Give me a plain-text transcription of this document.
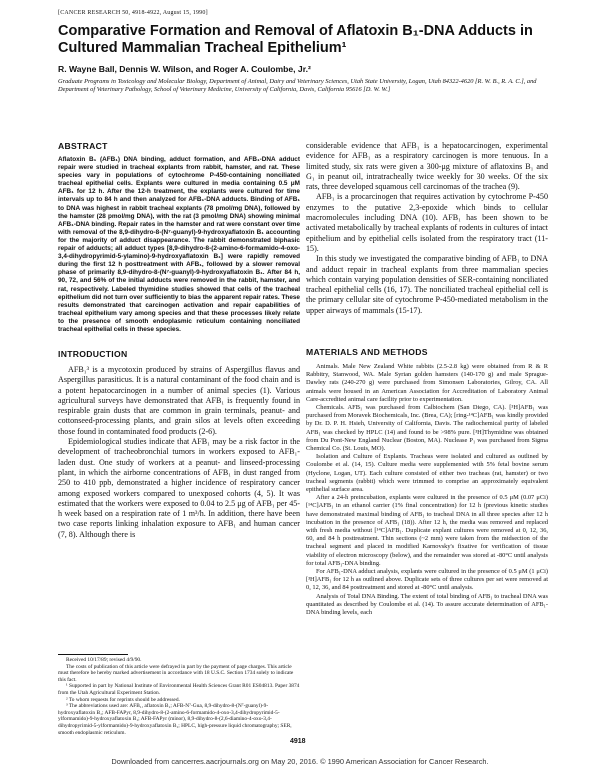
[CANCER RESEARCH 50, 4918-4922, August 15, 1990]
Comparative Formation and Removal of Aflatoxin B₁-DNA Adducts in Cultured Mammalian Tracheal Epithelium¹
R. Wayne Ball, Dennis W. Wilson, and Roger A. Coulombe, Jr.²
Graduate Programs in Toxicology and Molecular Biology, Department of Animal, Dairy and Veterinary Sciences, Utah State University, Logan, Utah 84322-4620 [R. W. B., R. A. C.], and Department of Veterinary Pathology, School of Veterinary Medicine, University of California, Davis, California 95616 [D. W. W.]
ABSTRACT
Aflatoxin B₁ (AFB₁) DNA binding, adduct formation, and AFB₁-DNA adduct repair were studied in tracheal explants from rabbit, hamster, and rat. These species vary in populations of cytochrome P-450-containing nonciliated tracheal epithelial cells. Explants were cultured in media containing 0.5 μM AFB₁ for 12 h. After the 12-h treatment, the explants were cultured for time intervals up to 84 h and then analyzed for AFB₁-DNA adducts. Binding of AFB₁ to DNA was highest in rabbit tracheal explants (78 pmol/mg DNA), followed by the hamster (28 pmol/mg DNA), with the rat (3 pmol/mg DNA) showing minimal AFB₁-DNA binding. Repair rates in the hamster and rat were constant over time with removal of the 8,9-dihydro-8-(N⁷-guanyl)-9-hydroxyaflatoxin B₁ accounting for the majority of adduct disappearance. The rabbit demonstrated biphasic repair of adducts; all adduct types [8,9-dihydro-8-(2-amino-6-formamido-4-oxo-3,4-dihydropyrimid-5-ylamino)-9-hydroxyaflatoxin B₁] were rapidly removed during the first 12 h posttreatment with AFB₁, followed by a slower removal phase of primarily 8,9-dihydro-8-(N⁷-guanyl)-9-hydroxyaflatoxin B₁. After 84 h, 90, 72, and 56% of the initial adducts were removed in the rabbit, hamster, and rat, respectively. Labeled thymidine studies showed that cells of the tracheal epithelium did not turn over sufficiently to bias the apparent repair rates. These results demonstrated that carcinogen activation and repair capabilities of tracheal epithelium vary among species and that these processes likely relate to the presence of smooth endoplasmic reticulum containing nonciliated tracheal epithelial cells in these species.
INTRODUCTION

AFB₁³ is a mycotoxin produced by strains of Aspergillus flavus and Aspergillus parasiticus. It is a natural contaminant of the food chain and is a potent hepatocarcinogen in a number of animal species (1). Various agricultural surveys have demonstrated that AFB₁ is frequently found in respirable grain dusts that are common in grain terminals, peanut- and cottonseed-processing plants, and grain silos at levels often exceeding those found in contaminated food products (2-6).

Epidemiological studies indicate that AFB₁ may be a risk factor in the development of tracheobronchial tumors in workers exposed to AFB₁-laden dust. One study of workers at a peanut- and linseed-processing plant, in which the airborne concentrations of AFB₁ in dust ranged from 250 to 410 ppb, demonstrated a higher incidence of respiratory cancer among exposed workers compared to unexposed cohorts (4, 5). It was estimated that the workers were exposed to 0.04 to 2.5 μg of AFB₁ per 45-h week based on a respiration rate of 1 m³/h. In addition, there have been two case reports linking inhalation exposure to AFB₁ and human cancer (7, 8). Although there is

Received 10/17/89; revised 4/9/90.

The costs of publication of this article were defrayed in part by the payment of page charges. This article must therefore be hereby marked advertisement in accordance with 18 U.S.C. Section 1734 solely to indicate this fact.

¹ Supported in part by National Institute of Environmental Health Sciences Grant R01 ES04813. Paper 3874 from the Utah Agricultural Experiment Station.

² To whom requests for reprints should be addressed.

³ The abbreviations used are: AFB₁, aflatoxin B₁; AFB-N⁷-Gua, 8,9-dihydro-8-(N⁷-guanyl)-9-hydroxyaflatoxin B₁; AFB-FAPyr, 8,9-dihydro-8-(2-amino-6-formamido-4-oxo-3,4-dihydropyrimid-5-ylformamido)-9-hydroxyaflatoxin B₁; AFB-FAPyr (minor), 8,9-dihydro-8-(2,6-diamino-4-oxo-3,4-dihydropyrimid-5-ylformamido)-9-hydroxyaflatoxin B₁; HPLC, high-pressure liquid chromatography; SER, smooth endoplasmic reticulum.

considerable evidence that AFB₁ is a hepatocarcinogen, experimental evidence for AFB₁ as a respiratory carcinogen is more tenuous. In a limited study, six rats were given a 300-μg mixture of aflatoxins B₁ and G₁ in peanut oil, intratracheally twice weekly for 30 weeks. Of the six rats, three developed squamous cell carcinomas of the trachea (9).

AFB₁ is a procarcinogen that requires activation by cytochrome P-450 enzymes to the putative 2,3-epoxide which binds to cellular macromolecules including DNA (10). AFB₁ has been shown to be activated metabolically by tracheal explants of rodents in cultures of intact epithelium and by epithelial cells isolated from the respiratory tract (11-15).

In this study we investigated the comparative binding of AFB₁ to DNA and adduct repair in tracheal explants from three mammalian species which contain varying population densities of SER-containing nonciliated tracheal epithelial cells (16, 17). The nonciliated tracheal epithelial cell is the primary cellular site of cytochrome P-450-mediated metabolism in the upper airways of mammals (15-17).

MATERIALS AND METHODS

Animals. Male New Zealand White rabbits (2.5-2.8 kg) were obtained from R & R Rabbitry, Stanwood, WA. Male Syrian golden hamsters (140-170 g) and male Sprague-Dawley rats (240-270 g) were purchased from Simonsen Laboratories, Gilroy, CA. All animals were housed in an American Association for Accreditation of Laboratory Animal Care-accredited animal care facility prior to experimentation.

Chemicals. AFB₁ was purchased from Calbiochem (San Diego, CA). [³H]AFB₁ was purchased from Moravek Biochemicals, Inc. (Brea, CA); [ring-¹⁴C]AFB₁ was kindly provided by Dr. D. P. H. Hsieh, University of California, Davis. The radiochemical purity of labeled AFB₁ was checked by HPLC (14) and found to be >98% pure. [³H]Thymidine was obtained from Du Pont-New England Nuclear (Boston, MA). Nuclease P₁ was purchased from Sigma Chemical Co. (St. Louis, MO).

Isolation and Culture of Explants. Tracheas were isolated and cultured as outlined by Coulombe et al. (14, 15). Culture media were supplemented with 5% fetal bovine serum (Hyclone, Logan, UT). Each culture consisted of either two tracheas (rat, hamster) or two tracheal segments (rabbit) which were trimmed to comprise an approximately equivalent epithelial surface area.

After a 24-h preincubation, explants were cultured in the presence of 0.5 μM (0.07 μCi) [¹⁴C]AFB₁ in an ethanol carrier (1% final concentration) for 12 h (previous kinetic studies have demonstrated maximal binding of AFB₁ to tracheal DNA in all three species after 12 h incubation in the presence of AFB₁ (18)). After 12 h, the media was removed and replaced with fresh media without [¹⁴C]AFB₁. Duplicate explant cultures were removed at 0, 12, 36, 60, and 84 h posttreatment. Thin sections (~2 mm) were taken from the midsection of the tracheal segment and placed in modified Karnovsky's fixative for verification of tissue viability of electron microscopy (below), and the remainder was stored at -80°C until analysis for total AFB₁-DNA binding.

For AFB₁-DNA adduct analysis, explants were cultured in the presence of 0.5 μM (1 μCi) [³H]AFB₁ for 12 h as outlined above. Duplicate sets of three cultures per set were removed at 0, 12, 36, and 84 posttreatment and stored at -80°C until analysis.

Analysis of Total DNA Binding. The extent of total binding of AFB₁ to tracheal DNA was quantitated as described by Coulombe et al. (14). To assure accurate determination of AFB₁-DNA binding levels, each

4918
Downloaded from cancerres.aacrjournals.org on May 20, 2016. © 1990 American Association for Cancer Research.
